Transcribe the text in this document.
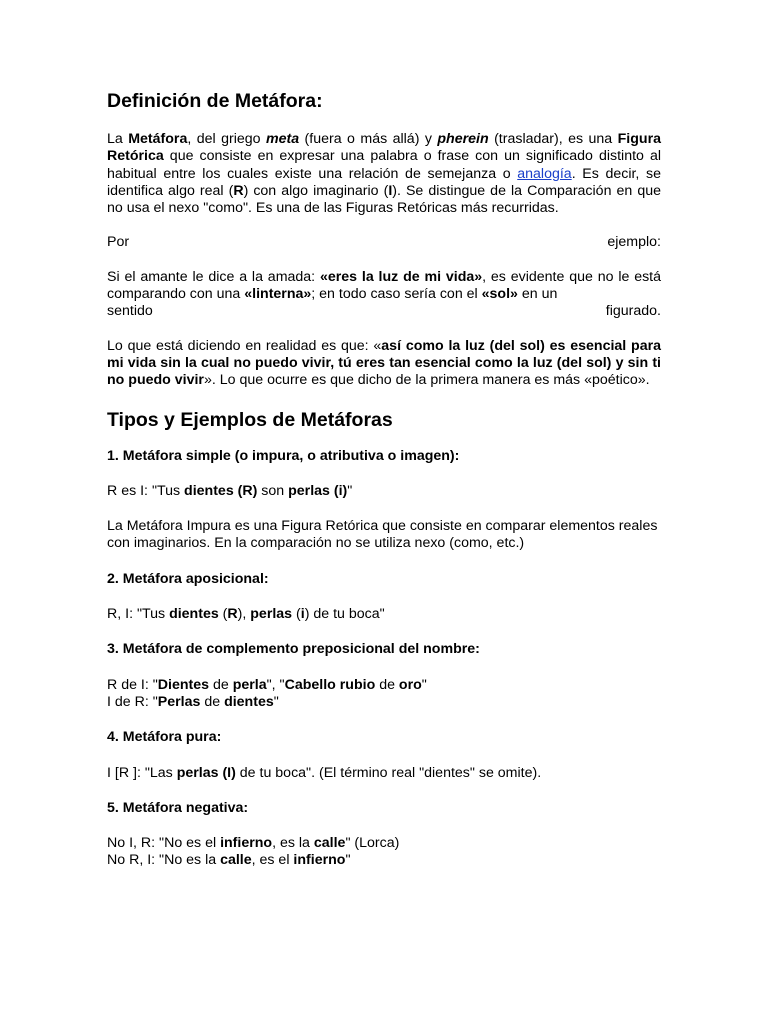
Definición de Metáfora:

La Metáfora, del griego meta (fuera o más allá) y pherein (trasladar), es una Figura Retórica que consiste en expresar una palabra o frase con un significado distinto al habitual entre los cuales existe una relación de semejanza o analogía. Es decir, se identifica algo real (R) con algo imaginario (I). Se distingue de la Comparación en que no usa el nexo "como". Es una de las Figuras Retóricas más recurridas.

Por	ejemplo:

Si el amante le dice a la amada: «eres la luz de mi vida», es evidente que no le está comparando con una «linterna»; en todo caso sería con el «sol» en un

sentido	figurado.

Lo que está diciendo en realidad es que: «así como la luz (del sol) es esencial para mi vida sin la cual no puedo vivir, tú eres tan esencial como la luz (del sol) y sin ti no puedo vivir». Lo que ocurre es que dicho de la primera manera es más «poético».

Tipos y Ejemplos de Metáforas

1. Metáfora simple (o impura, o atributiva o imagen):

R es I: "Tus dientes (R) son perlas (i)"

La Metáfora Impura es una Figura Retórica que consiste en comparar elementos reales con imaginarios. En la comparación no se utiliza nexo (como, etc.)

2. Metáfora aposicional:

R, I: "Tus dientes (R), perlas (i) de tu boca"

3. Metáfora de complemento preposicional del nombre:

R de I: "Dientes de perla", "Cabello rubio de oro"

I de R: "Perlas de dientes"

4. Metáfora pura:

I [R ]: "Las perlas (I) de tu boca". (El término real "dientes" se omite).

5. Metáfora negativa:

No I, R: "No es el infierno, es la calle" (Lorca)

No R, I: "No es la calle, es el infierno"
